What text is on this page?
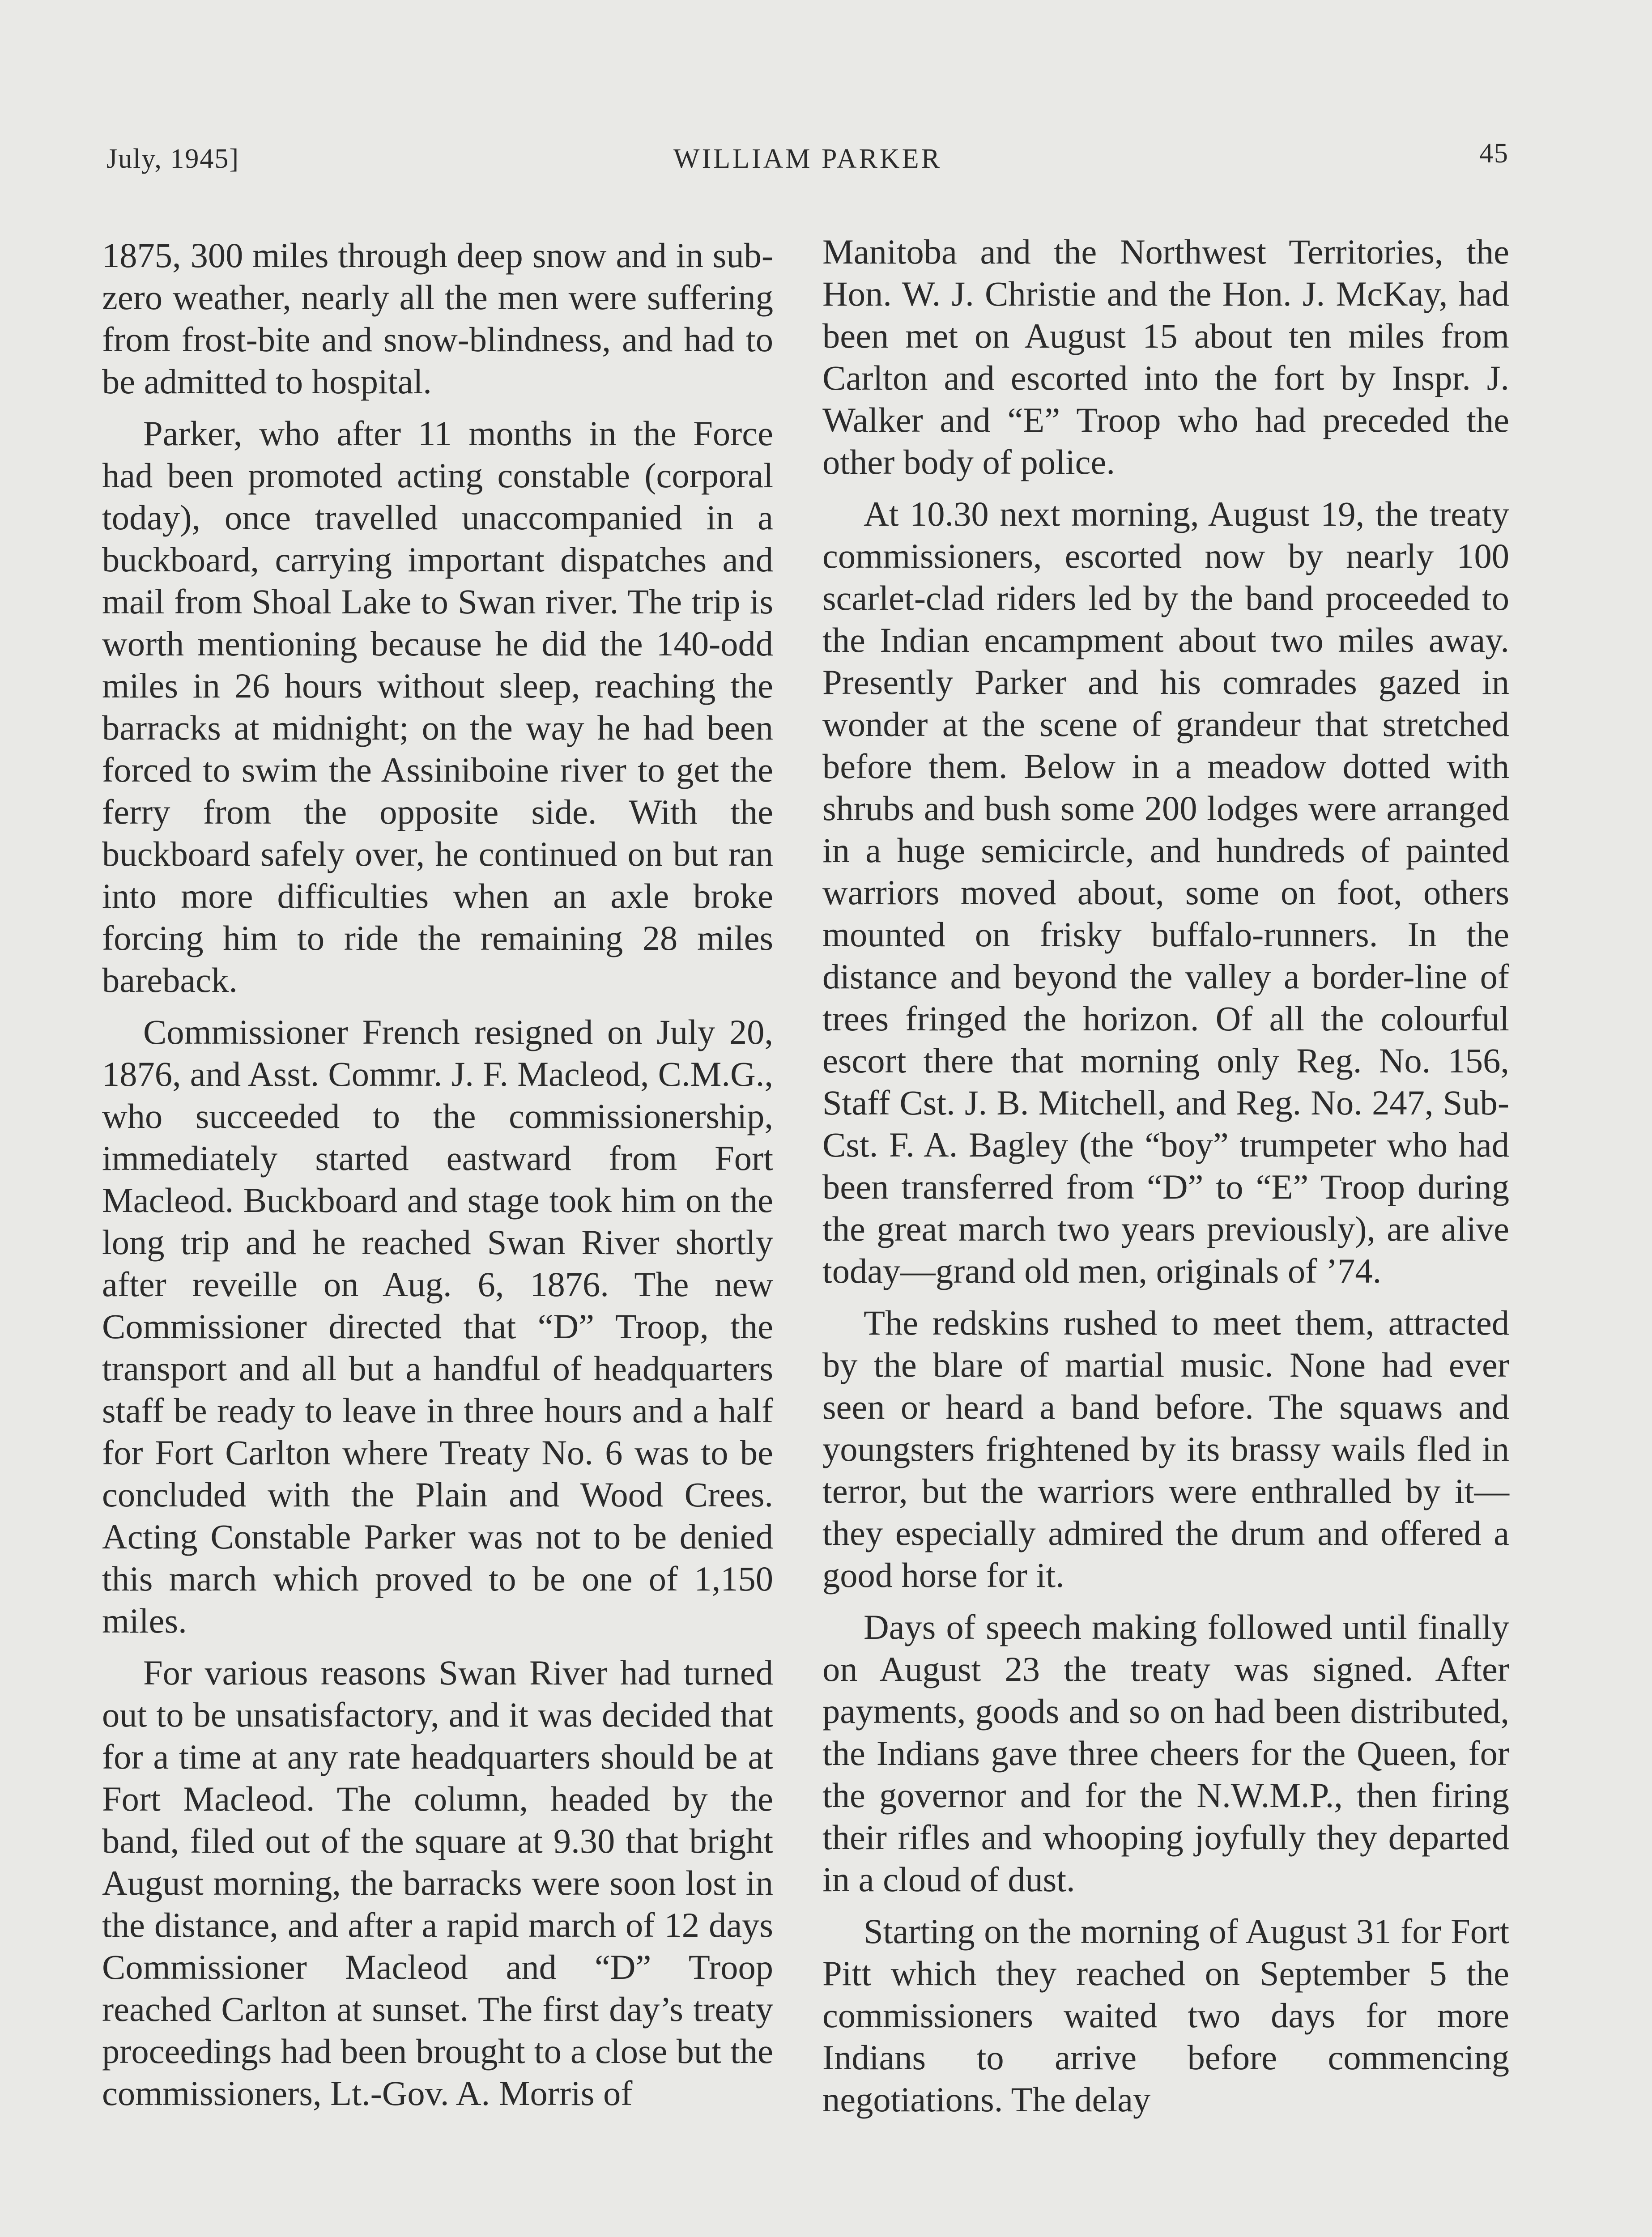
July, 1945]	WILLIAM PARKER	45

1875, 300 miles through deep snow and in sub-zero weather, nearly all the men were suffering from frost-bite and snow-blindness, and had to be admitted to hospital.

Parker, who after 11 months in the Force had been promoted acting constable (corporal today), once travelled unaccompanied in a buckboard, carrying important dispatches and mail from Shoal Lake to Swan river. The trip is worth mentioning because he did the 140-odd miles in 26 hours without sleep, reaching the barracks at midnight; on the way he had been forced to swim the Assiniboine river to get the ferry from the opposite side. With the buckboard safely over, he continued on but ran into more difficulties when an axle broke forcing him to ride the remaining 28 miles bareback.

Commissioner French resigned on July 20, 1876, and Asst. Commr. J. F. Macleod, C.M.G., who succeeded to the commissionership, immediately started eastward from Fort Macleod. Buckboard and stage took him on the long trip and he reached Swan River shortly after reveille on Aug. 6, 1876. The new Commissioner directed that “D” Troop, the transport and all but a handful of headquarters staff be ready to leave in three hours and a half for Fort Carlton where Treaty No. 6 was to be concluded with the Plain and Wood Crees. Acting Constable Parker was not to be denied this march which proved to be one of 1,150 miles.

For various reasons Swan River had turned out to be unsatisfactory, and it was decided that for a time at any rate headquarters should be at Fort Macleod. The column, headed by the band, filed out of the square at 9.30 that bright August morning, the barracks were soon lost in the distance, and after a rapid march of 12 days Commissioner Macleod and “D” Troop reached Carlton at sunset. The first day’s treaty proceedings had been brought to a close but the commissioners, Lt.-Gov. A. Morris of

Manitoba and the Northwest Territories, the Hon. W. J. Christie and the Hon. J. McKay, had been met on August 15 about ten miles from Carlton and escorted into the fort by Inspr. J. Walker and “E” Troop who had preceded the other body of police.

At 10.30 next morning, August 19, the treaty commissioners, escorted now by nearly 100 scarlet-clad riders led by the band proceeded to the Indian encampment about two miles away. Presently Parker and his comrades gazed in wonder at the scene of grandeur that stretched before them. Below in a meadow dotted with shrubs and bush some 200 lodges were arranged in a huge semicircle, and hundreds of painted warriors moved about, some on foot, others mounted on frisky buffalo-runners. In the distance and beyond the valley a border-line of trees fringed the horizon. Of all the colourful escort there that morning only Reg. No. 156, Staff Cst. J. B. Mitchell, and Reg. No. 247, Sub-Cst. F. A. Bagley (the “boy” trumpeter who had been transferred from “D” to “E” Troop during the great march two years previously), are alive today—grand old men, originals of ’74.

The redskins rushed to meet them, attracted by the blare of martial music. None had ever seen or heard a band before. The squaws and youngsters frightened by its brassy wails fled in terror, but the warriors were enthralled by it—they especially admired the drum and offered a good horse for it.

Days of speech making followed until finally on August 23 the treaty was signed. After payments, goods and so on had been distributed, the Indians gave three cheers for the Queen, for the governor and for the N.W.M.P., then firing their rifles and whooping joyfully they departed in a cloud of dust.

Starting on the morning of August 31 for Fort Pitt which they reached on September 5 the commissioners waited two days for more Indians to arrive before commencing negotiations. The delay
